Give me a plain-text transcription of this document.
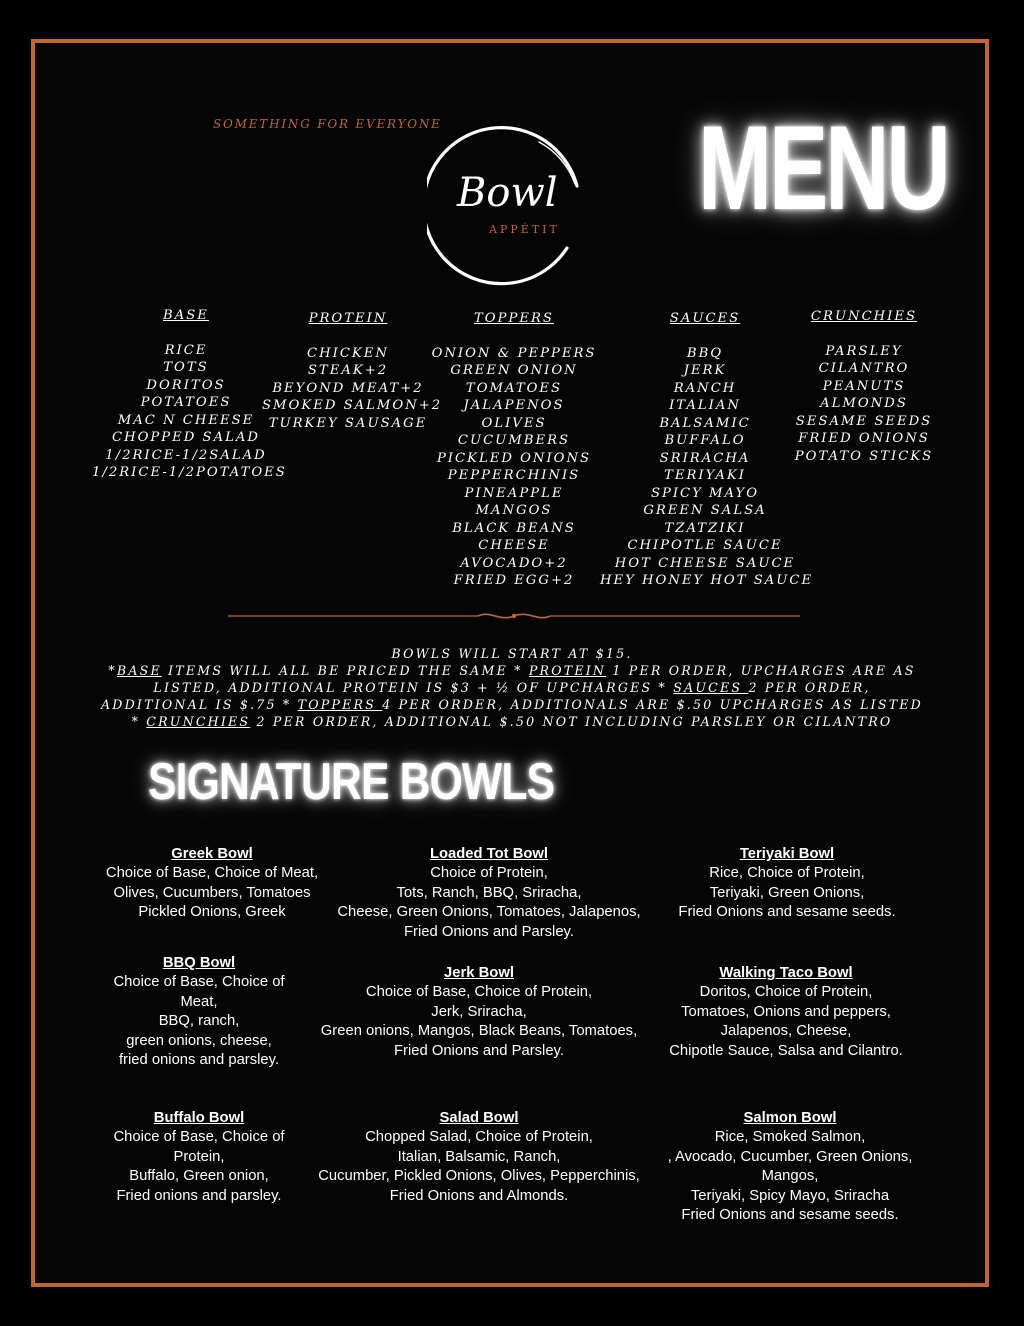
SOMETHING FOR EVERYONE
Bowl
APPÉTIT MENU
BASE
RICE
TOTS
DORITOS
POTATOES
MAC N CHEESE
CHOPPED SALAD
1/2RICE-1/2SALAD
1/2RICE-1/2POTATOES
PROTEIN
CHICKEN
STEAK+2
BEYOND MEAT+2
SMOKED SALMON+2
TURKEY SAUSAGE
TOPPERS
ONION & PEPPERS
GREEN ONION
TOMATOES
JALAPENOS
OLIVES
CUCUMBERS
PICKLED ONIONS
PEPPERCHINIS
PINEAPPLE
MANGOS
BLACK BEANS
CHEESE
AVOCADO+2
FRIED EGG+2
SAUCES
BBQ
JERK
RANCH
ITALIAN
BALSAMIC
BUFFALO
SRIRACHA
TERIYAKI
SPICY MAYO
GREEN SALSA
TZATZIKI
CHIPOTLE SAUCE
HOT CHEESE SAUCE
HEY HONEY HOT SAUCE
CRUNCHIES
PARSLEY
CILANTRO
PEANUTS
ALMONDS
SESAME SEEDS
FRIED ONIONS
POTATO STICKS
BOWLS WILL START AT $15.
*BASE ITEMS WILL ALL BE PRICED THE SAME * PROTEIN 1 PER ORDER, UPCHARGES ARE AS LISTED, ADDITIONAL PROTEIN IS $3 + ½ OF UPCHARGES * SAUCES 2 PER ORDER, ADDITIONAL IS $.75 * TOPPERS 4 PER ORDER, ADDITIONALS ARE $.50 UPCHARGES AS LISTED * CRUNCHIES 2 PER ORDER, ADDITIONAL $.50 NOT INCLUDING PARSLEY OR CILANTRO
SIGNATURE BOWLS
Greek Bowl
Choice of Base, Choice of Meat,
Olives, Cucumbers, Tomatoes
Pickled Onions, Greek
Loaded Tot Bowl
Choice of Protein,
Tots, Ranch, BBQ, Sriracha,
Cheese, Green Onions, Tomatoes, Jalapenos,
Fried Onions and Parsley.
Teriyaki Bowl
Rice, Choice of Protein,
Teriyaki, Green Onions,
Fried Onions and sesame seeds.
BBQ Bowl
Choice of Base, Choice of
Meat,
BBQ, ranch,
green onions, cheese,
fried onions and parsley.
Jerk Bowl
Choice of Base, Choice of Protein,
Jerk, Sriracha,
Green onions, Mangos, Black Beans, Tomatoes,
Fried Onions and Parsley.
Walking Taco Bowl
Doritos, Choice of Protein,
Tomatoes, Onions and peppers,
Jalapenos, Cheese,
Chipotle Sauce, Salsa and Cilantro.
Buffalo Bowl
Choice of Base, Choice of
Protein,
Buffalo, Green onion,
Fried onions and parsley.
Salad Bowl
Chopped Salad, Choice of Protein,
Italian, Balsamic, Ranch,
Cucumber, Pickled Onions, Olives, Pepperchinis,
Fried Onions and Almonds.
Salmon Bowl
Rice, Smoked Salmon,
, Avocado, Cucumber, Green Onions,
Mangos,
Teriyaki, Spicy Mayo, Sriracha
Fried Onions and sesame seeds.
